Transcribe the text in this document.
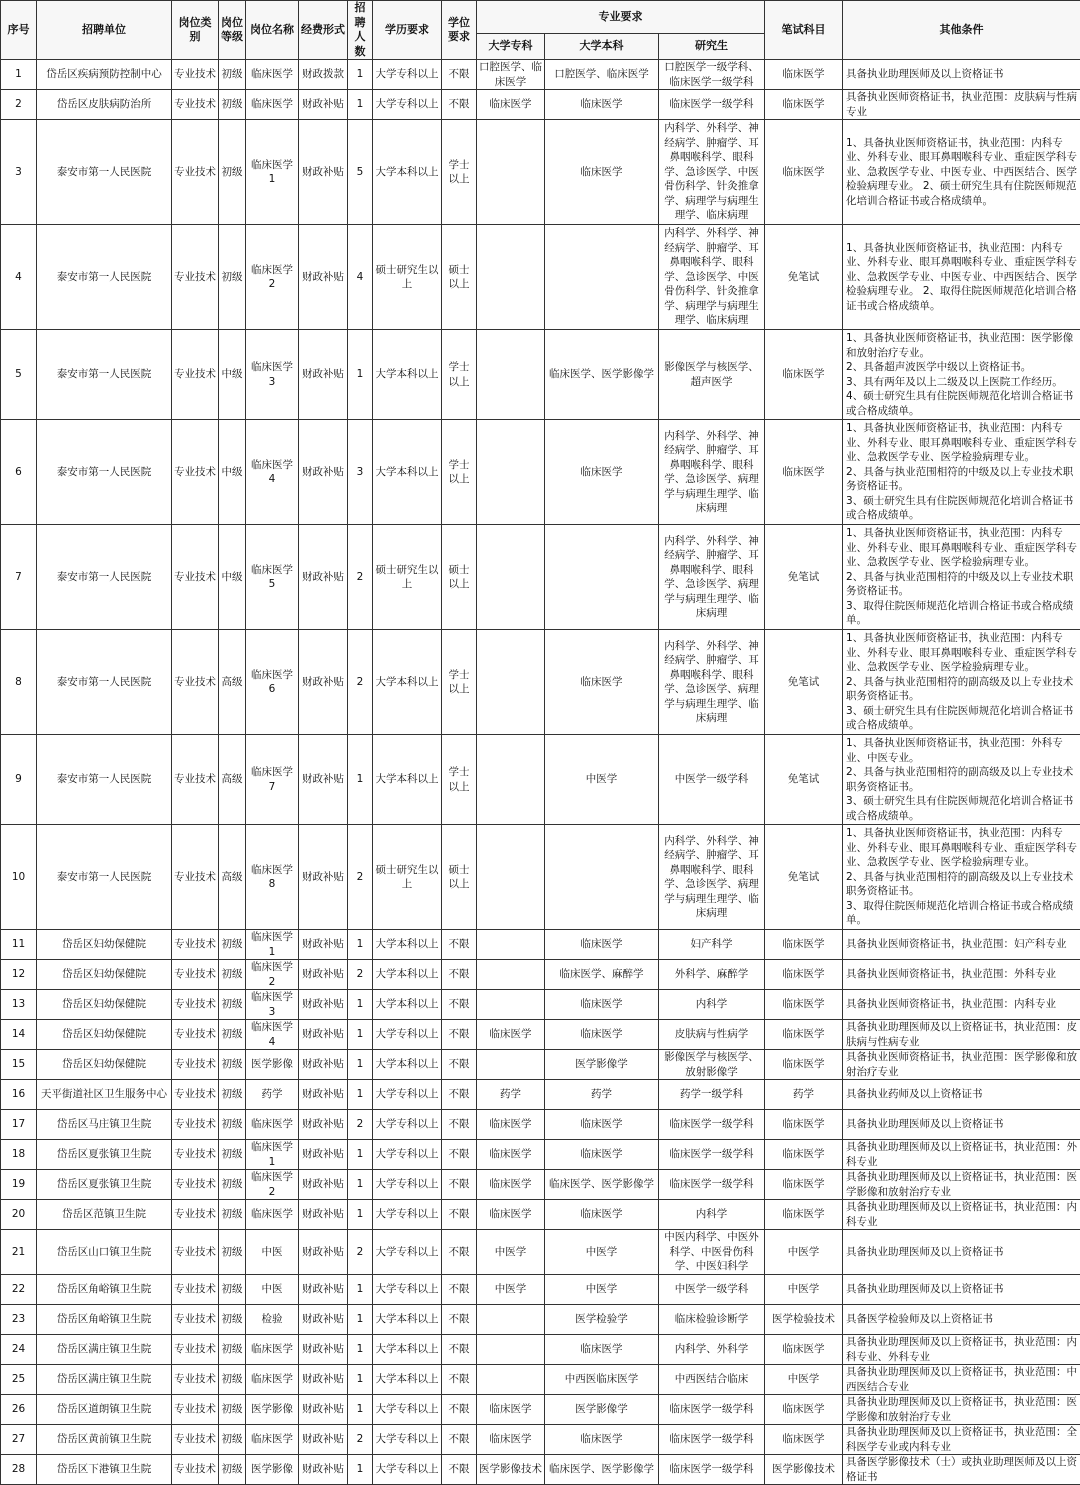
序号	招聘单位	岗位类别	岗位等级	岗位名称	经费形式	招聘人数	学历要求	学位要求	专业要求			笔试科目	其他条件
									大学专科	大学本科	研究生		
1	岱岳区疾病预防控制中心	专业技术	初级	临床医学	财政拨款	1	大学专科以上	不限	口腔医学、临床医学	口腔医学、临床医学	口腔医学一级学科、临床医学一级学科	临床医学	具备执业助理医师及以上资格证书
2	岱岳区皮肤病防治所	专业技术	初级	临床医学	财政补贴	1	大学专科以上	不限	临床医学	临床医学	临床医学一级学科	临床医学	具备执业医师资格证书，执业范围：皮肤病与性病专业
3	泰安市第一人民医院	专业技术	初级	临床医学1	财政补贴	5	大学本科以上	学士以上		临床医学	内科学、外科学、神经病学、肿瘤学、耳鼻咽喉科学、眼科学、急诊医学、中医骨伤科学、针灸推拿学、病理学与病理生理学、临床病理	临床医学	1、具备执业医师资格证书，执业范围：内科专业、外科专业、眼耳鼻咽喉科专业、重症医学科专业、急救医学专业、中医专业、中西医结合、医学检验病理专业。 2、硕士研究生具有住院医师规范化培训合格证书或合格成绩单。
4	泰安市第一人民医院	专业技术	初级	临床医学2	财政补贴	4	硕士研究生以上	硕士以上			内科学、外科学、神经病学、肿瘤学、耳鼻咽喉科学、眼科学、急诊医学、中医骨伤科学、针灸推拿学、病理学与病理生理学、临床病理	免笔试	1、具备执业医师资格证书，执业范围：内科专业、外科专业、眼耳鼻咽喉科专业、重症医学科专业、急救医学专业、中医专业、中西医结合、医学检验病理专业。 2、取得住院医师规范化培训合格证书或合格成绩单。
5	泰安市第一人民医院	专业技术	中级	临床医学3	财政补贴	1	大学本科以上	学士以上		临床医学、医学影像学	影像医学与核医学、超声医学	临床医学	1、具备执业医师资格证书，执业范围：医学影像和放射治疗专业。
2、具备超声波医学中级以上资格证书。
3、具有两年及以上二级及以上医院工作经历。
4、硕士研究生具有住院医师规范化培训合格证书或合格成绩单。
6	泰安市第一人民医院	专业技术	中级	临床医学4	财政补贴	3	大学本科以上	学士以上		临床医学	内科学、外科学、神经病学、肿瘤学、耳鼻咽喉科学、眼科学、急诊医学、病理学与病理生理学、临床病理	临床医学	1、具备执业医师资格证书，执业范围：内科专业、外科专业、眼耳鼻咽喉科专业、重症医学科专业、急救医学专业、医学检验病理专业。
2、具备与执业范围相符的中级及以上专业技术职务资格证书。
3、硕士研究生具有住院医师规范化培训合格证书或合格成绩单。
7	泰安市第一人民医院	专业技术	中级	临床医学5	财政补贴	2	硕士研究生以上	硕士以上			内科学、外科学、神经病学、肿瘤学、耳鼻咽喉科学、眼科学、急诊医学、病理学与病理生理学、临床病理	免笔试	1、具备执业医师资格证书，执业范围：内科专业、外科专业、眼耳鼻咽喉科专业、重症医学科专业、急救医学专业、医学检验病理专业。
2、具备与执业范围相符的中级及以上专业技术职务资格证书。
3、取得住院医师规范化培训合格证书或合格成绩单。
8	泰安市第一人民医院	专业技术	高级	临床医学6	财政补贴	2	大学本科以上	学士以上		临床医学	内科学、外科学、神经病学、肿瘤学、耳鼻咽喉科学、眼科学、急诊医学、病理学与病理生理学、临床病理	免笔试	1、具备执业医师资格证书，执业范围：内科专业、外科专业、眼耳鼻咽喉科专业、重症医学科专业、急救医学专业、医学检验病理专业。
2、具备与执业范围相符的副高级及以上专业技术职务资格证书。
3、硕士研究生具有住院医师规范化培训合格证书或合格成绩单。
9	泰安市第一人民医院	专业技术	高级	临床医学7	财政补贴	1	大学本科以上	学士以上		中医学	中医学一级学科	免笔试	1、具备执业医师资格证书，执业范围：外科专业、中医专业。
2、具备与执业范围相符的副高级及以上专业技术职务资格证书。
3、硕士研究生具有住院医师规范化培训合格证书或合格成绩单。
10	泰安市第一人民医院	专业技术	高级	临床医学8	财政补贴	2	硕士研究生以上	硕士以上			内科学、外科学、神经病学、肿瘤学、耳鼻咽喉科学、眼科学、急诊医学、病理学与病理生理学、临床病理	免笔试	1、具备执业医师资格证书，执业范围：内科专业、外科专业、眼耳鼻咽喉科专业、重症医学科专业、急救医学专业、医学检验病理专业。
2、具备与执业范围相符的副高级及以上专业技术职务资格证书。
3、取得住院医师规范化培训合格证书或合格成绩单。
11	岱岳区妇幼保健院	专业技术	初级	临床医学1	财政补贴	1	大学本科以上	不限		临床医学	妇产科学	临床医学	具备执业医师资格证书，执业范围：妇产科专业
12	岱岳区妇幼保健院	专业技术	初级	临床医学2	财政补贴	2	大学本科以上	不限		临床医学、麻醉学	外科学、麻醉学	临床医学	具备执业医师资格证书，执业范围：外科专业
13	岱岳区妇幼保健院	专业技术	初级	临床医学3	财政补贴	1	大学本科以上	不限		临床医学	内科学	临床医学	具备执业医师资格证书，执业范围：内科专业
14	岱岳区妇幼保健院	专业技术	初级	临床医学4	财政补贴	1	大学专科以上	不限	临床医学	临床医学	皮肤病与性病学	临床医学	具备执业助理医师及以上资格证书，执业范围：皮肤病与性病专业
15	岱岳区妇幼保健院	专业技术	初级	医学影像	财政补贴	1	大学本科以上	不限		医学影像学	影像医学与核医学、放射影像学	临床医学	具备执业医师资格证书，执业范围：医学影像和放射治疗专业
16	天平街道社区卫生服务中心	专业技术	初级	药学	财政补贴	1	大学专科以上	不限	药学	药学	药学一级学科	药学	具备执业药师及以上资格证书
17	岱岳区马庄镇卫生院	专业技术	初级	临床医学	财政补贴	2	大学专科以上	不限	临床医学	临床医学	临床医学一级学科	临床医学	具备执业助理医师及以上资格证书
18	岱岳区夏张镇卫生院	专业技术	初级	临床医学1	财政补贴	1	大学专科以上	不限	临床医学	临床医学	临床医学一级学科	临床医学	具备执业助理医师及以上资格证书，执业范围：外科专业
19	岱岳区夏张镇卫生院	专业技术	初级	临床医学2	财政补贴	1	大学专科以上	不限	临床医学	临床医学、医学影像学	临床医学一级学科	临床医学	具备执业助理医师及以上资格证书，执业范围：医学影像和放射治疗专业
20	岱岳区范镇卫生院	专业技术	初级	临床医学	财政补贴	1	大学专科以上	不限	临床医学	临床医学	内科学	临床医学	具备执业助理医师及以上资格证书，执业范围：内科专业
21	岱岳区山口镇卫生院	专业技术	初级	中医	财政补贴	2	大学专科以上	不限	中医学	中医学	中医内科学、中医外科学、中医骨伤科学、中医妇科学	中医学	具备执业助理医师及以上资格证书
22	岱岳区角峪镇卫生院	专业技术	初级	中医	财政补贴	1	大学专科以上	不限	中医学	中医学	中医学一级学科	中医学	具备执业助理医师及以上资格证书
23	岱岳区角峪镇卫生院	专业技术	初级	检验	财政补贴	1	大学本科以上	不限		医学检验学	临床检验诊断学	医学检验技术	具备医学检验师及以上资格证书
24	岱岳区满庄镇卫生院	专业技术	初级	临床医学	财政补贴	1	大学本科以上	不限		临床医学	内科学、外科学	临床医学	具备执业助理医师及以上资格证书，执业范围：内科专业、外科专业
25	岱岳区满庄镇卫生院	专业技术	初级	临床医学	财政补贴	1	大学本科以上	不限		中西医临床医学	中西医结合临床	中医学	具备执业助理医师及以上资格证书，执业范围：中西医结合专业
26	岱岳区道朗镇卫生院	专业技术	初级	医学影像	财政补贴	1	大学专科以上	不限	临床医学	医学影像学	临床医学一级学科	临床医学	具备执业助理医师及以上资格证书，执业范围：医学影像和放射治疗专业
27	岱岳区黄前镇卫生院	专业技术	初级	临床医学	财政补贴	2	大学专科以上	不限	临床医学	临床医学	临床医学一级学科	临床医学	具备执业助理医师及以上资格证书，执业范围：全科医学专业或内科专业
28	岱岳区下港镇卫生院	专业技术	初级	医学影像	财政补贴	1	大学专科以上	不限	医学影像技术	临床医学、医学影像学	临床医学一级学科	医学影像技术	具备医学影像技术（士）或执业助理医师及以上资格证书
